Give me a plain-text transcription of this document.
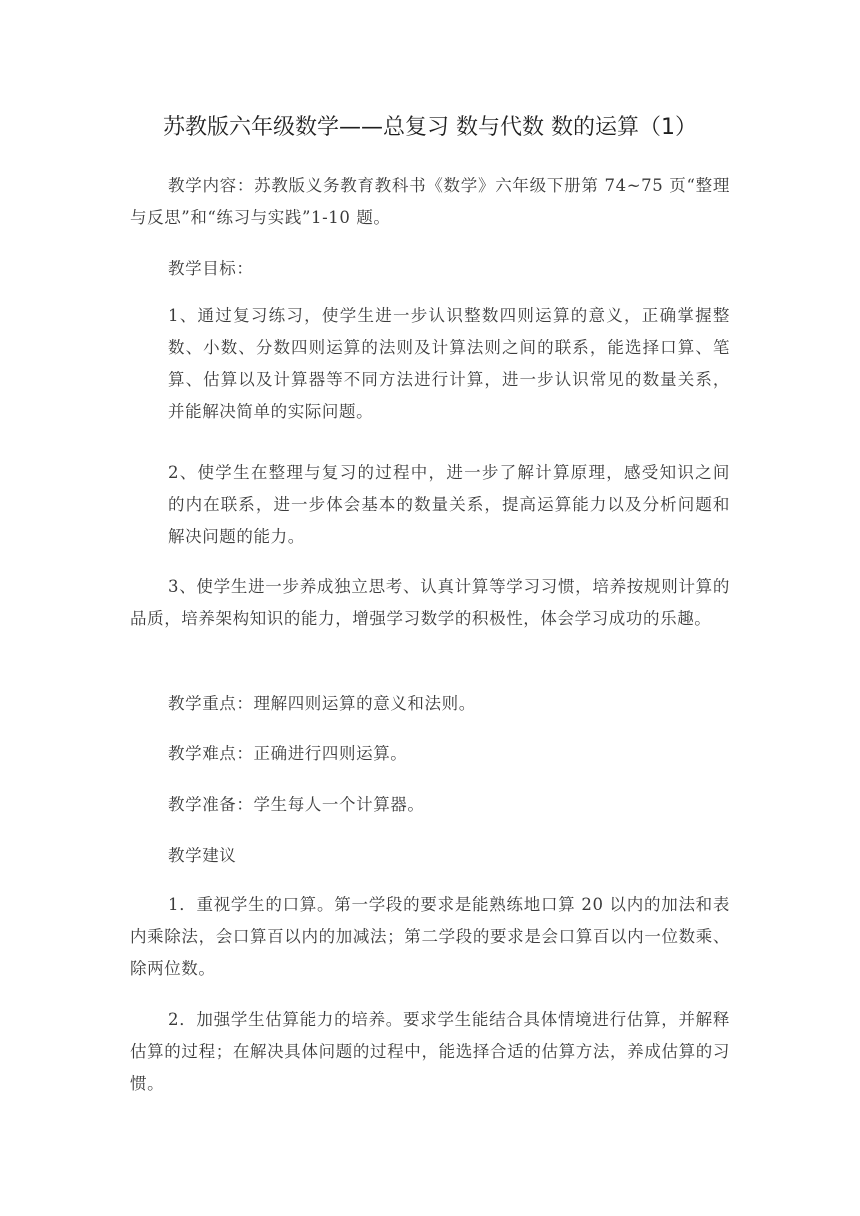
苏教版六年级数学——总复习 数与代数 数的运算（1）

教学内容：苏教版义务教育教科书《数学》六年级下册第 74~75 页“整理与反思”和“练习与实践”1-10 题。

教学目标：

1、通过复习练习，使学生进一步认识整数四则运算的意义，正确掌握整数、小数、分数四则运算的法则及计算法则之间的联系，能选择口算、笔算、估算以及计算器等不同方法进行计算，进一步认识常见的数量关系，并能解决简单的实际问题。

2、使学生在整理与复习的过程中，进一步了解计算原理，感受知识之间 的内在联系，进一步体会基本的数量关系，提高运算能力以及分析问题和解决问题的能力。

3、使学生进一步养成独立思考、认真计算等学习习惯，培养按规则计算的品质，培养架构知识的能力，增强学习数学的积极性，体会学习成功的乐趣。

教学重点：理解四则运算的意义和法则。

教学难点：正确进行四则运算。

教学准备：学生每人一个计算器。

教学建议

1．重视学生的口算。第一学段的要求是能熟练地口算 20 以内的加法和表内乘除法，会口算百以内的加减法；第二学段的要求是会口算百以内一位数乘、除两位数。

2．加强学生估算能力的培养。要求学生能结合具体情境进行估算，并解释估算的过程；在解决具体问题的过程中，能选择合适的估算方法，养成估算的习惯。
